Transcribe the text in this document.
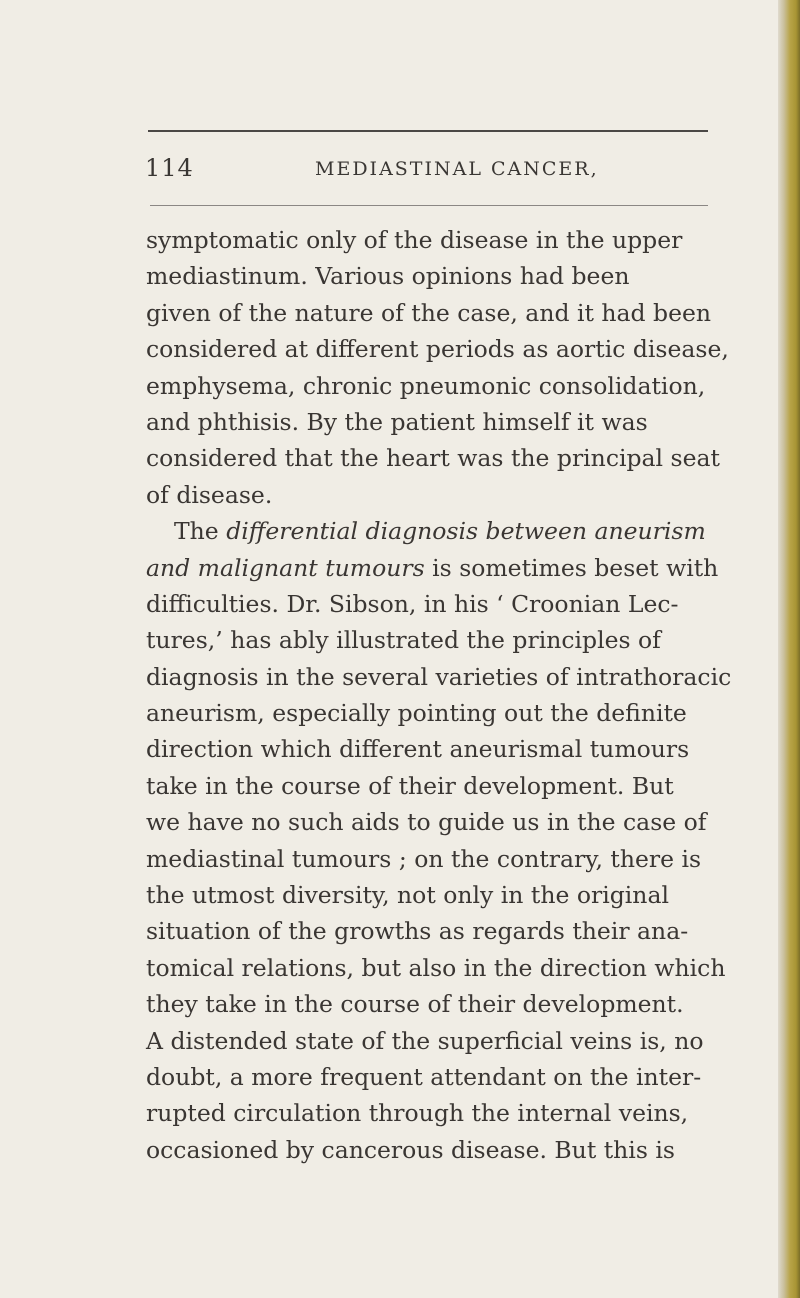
114	MEDIASTINAL CANCER,
symptomatic only of the disease in the upper
mediastinum. Various opinions had been
given of the nature of the case, and it had been
considered at different periods as aortic disease,
emphysema, chronic pneumonic consolidation,
and phthisis. By the patient himself it was
considered that the heart was the principal seat
of disease.
The differential diagnosis between aneurism
and malignant tumours is sometimes beset with
difficulties. Dr. Sibson, in his ‘ Croonian Lec-
tures,’ has ably illustrated the principles of
diagnosis in the several varieties of intrathoracic
aneurism, especially pointing out the definite
direction which different aneurismal tumours
take in the course of their development. But
we have no such aids to guide us in the case of
mediastinal tumours ; on the contrary, there is
the utmost diversity, not only in the original
situation of the growths as regards their ana-
tomical relations, but also in the direction which
they take in the course of their development.
A distended state of the superficial veins is, no
doubt, a more frequent attendant on the inter-
rupted circulation through the internal veins,
occasioned by cancerous disease. But this is
